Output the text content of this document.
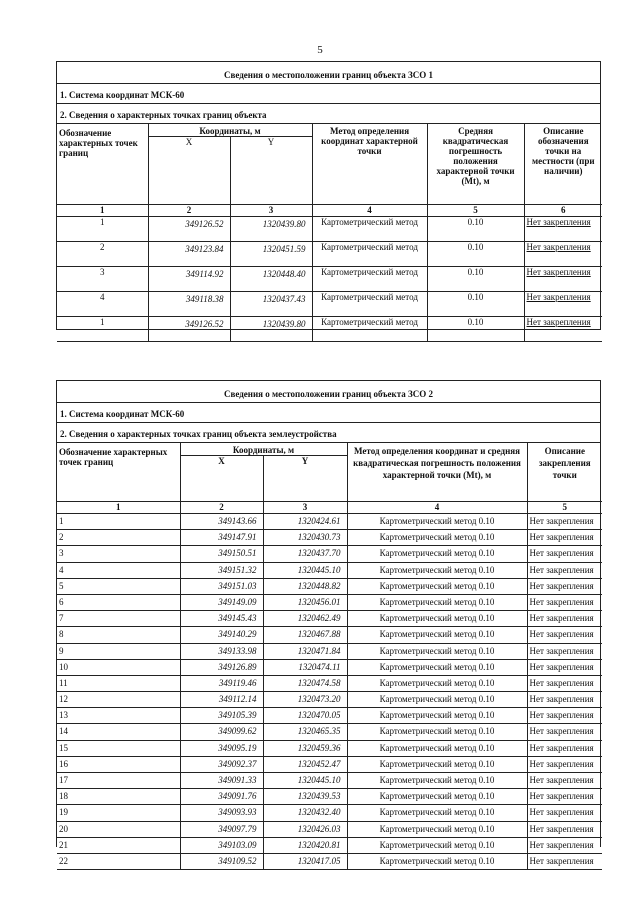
5
Сведения о местоположении границ объекта ЗСО 1
1. Система координат МСК-60
2. Сведения о характерных точках границ объекта
Обозначение характерных точек границ	Координаты, м		Метод определения координат характерной точки	Средняя квадратическая погрешность положения характерной точки (Mt), м	Описание обозначения точки на местности (при наличии)
	X	Y			
1	2	3	4	5	6
1	349126.52	1320439.80	Картометрический метод	0.10	Нет закрепления
2	349123.84	1320451.59	Картометрический метод	0.10	Нет закрепления
3	349114.92	1320448.40	Картометрический метод	0.10	Нет закрепления
4	349118.38	1320437.43	Картометрический метод	0.10	Нет закрепления
1	349126.52	1320439.80	Картометрический метод	0.10	Нет закрепления
Сведения о местоположении границ объекта ЗСО 2
1. Система координат МСК-60
2. Сведения о характерных точках границ объекта землеустройства
Обозначение характерных точек границ	Координаты, м		Метод определения координат и средняя квадратическая погрешность положения характерной точки (Mt), м	Описание закрепления точки
	X	Y		
1	2	3	4	5
1	349143.66	1320424.61	Картометрический метод 0.10	Нет закрепления
2	349147.91	1320430.73	Картометрический метод 0.10	Нет закрепления
3	349150.51	1320437.70	Картометрический метод 0.10	Нет закрепления
4	349151.32	1320445.10	Картометрический метод 0.10	Нет закрепления
5	349151.03	1320448.82	Картометрический метод 0.10	Нет закрепления
6	349149.09	1320456.01	Картометрический метод 0.10	Нет закрепления
7	349145.43	1320462.49	Картометрический метод 0.10	Нет закрепления
8	349140.29	1320467.88	Картометрический метод 0.10	Нет закрепления
9	349133.98	1320471.84	Картометрический метод 0.10	Нет закрепления
10	349126.89	1320474.11	Картометрический метод 0.10	Нет закрепления
11	349119.46	1320474.58	Картометрический метод 0.10	Нет закрепления
12	349112.14	1320473.20	Картометрический метод 0.10	Нет закрепления
13	349105.39	1320470.05	Картометрический метод 0.10	Нет закрепления
14	349099.62	1320465.35	Картометрический метод 0.10	Нет закрепления
15	349095.19	1320459.36	Картометрический метод 0.10	Нет закрепления
16	349092.37	1320452.47	Картометрический метод 0.10	Нет закрепления
17	349091.33	1320445.10	Картометрический метод 0.10	Нет закрепления
18	349091.76	1320439.53	Картометрический метод 0.10	Нет закрепления
19	349093.93	1320432.40	Картометрический метод 0.10	Нет закрепления
20	349097.79	1320426.03	Картометрический метод 0.10	Нет закрепления
21	349103.09	1320420.81	Картометрический метод 0.10	Нет закрепления
22	349109.52	1320417.05	Картометрический метод 0.10	Нет закрепления
